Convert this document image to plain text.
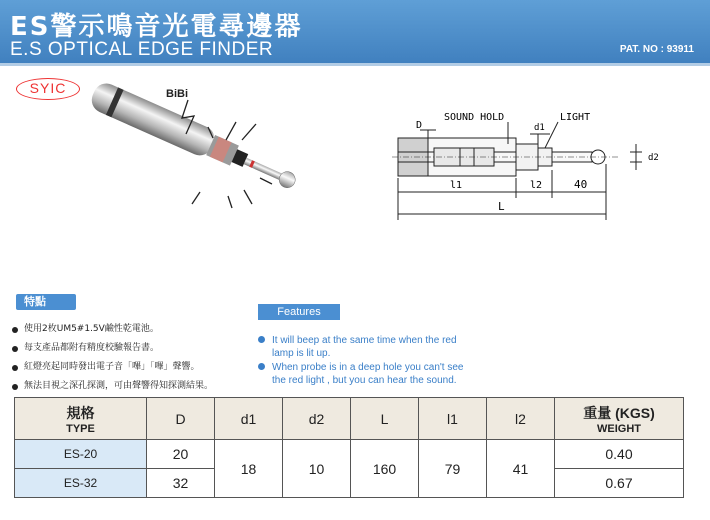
ES警示鳴音光電尋邊器
E.S OPTICAL EDGE FINDER	PAT. NO : 93911
SYIC	BiBi
D
SOUND HOLD
d1
LIGHT
d2
l1	l2	40
L
特點
使用2枚UM5#1.5V鹼性乾電池。
每支產品都附有精度校驗報告書。
紅燈亮起同時發出電子音「嗶」「嗶」聲響。
無法目視之深孔探測，可由聲響得知探測結果。
Features
It will beep at the same time when the red lamp is lit up.
When probe is in a deep hole you can't see the red light , but you can hear the sound.
規格
TYPE	D	d1	d2	L	l1	l2	重量 (KGS)
WEIGHT

ES-20	20	18	10	160	79	41	0.40
ES-32	32						0.67
